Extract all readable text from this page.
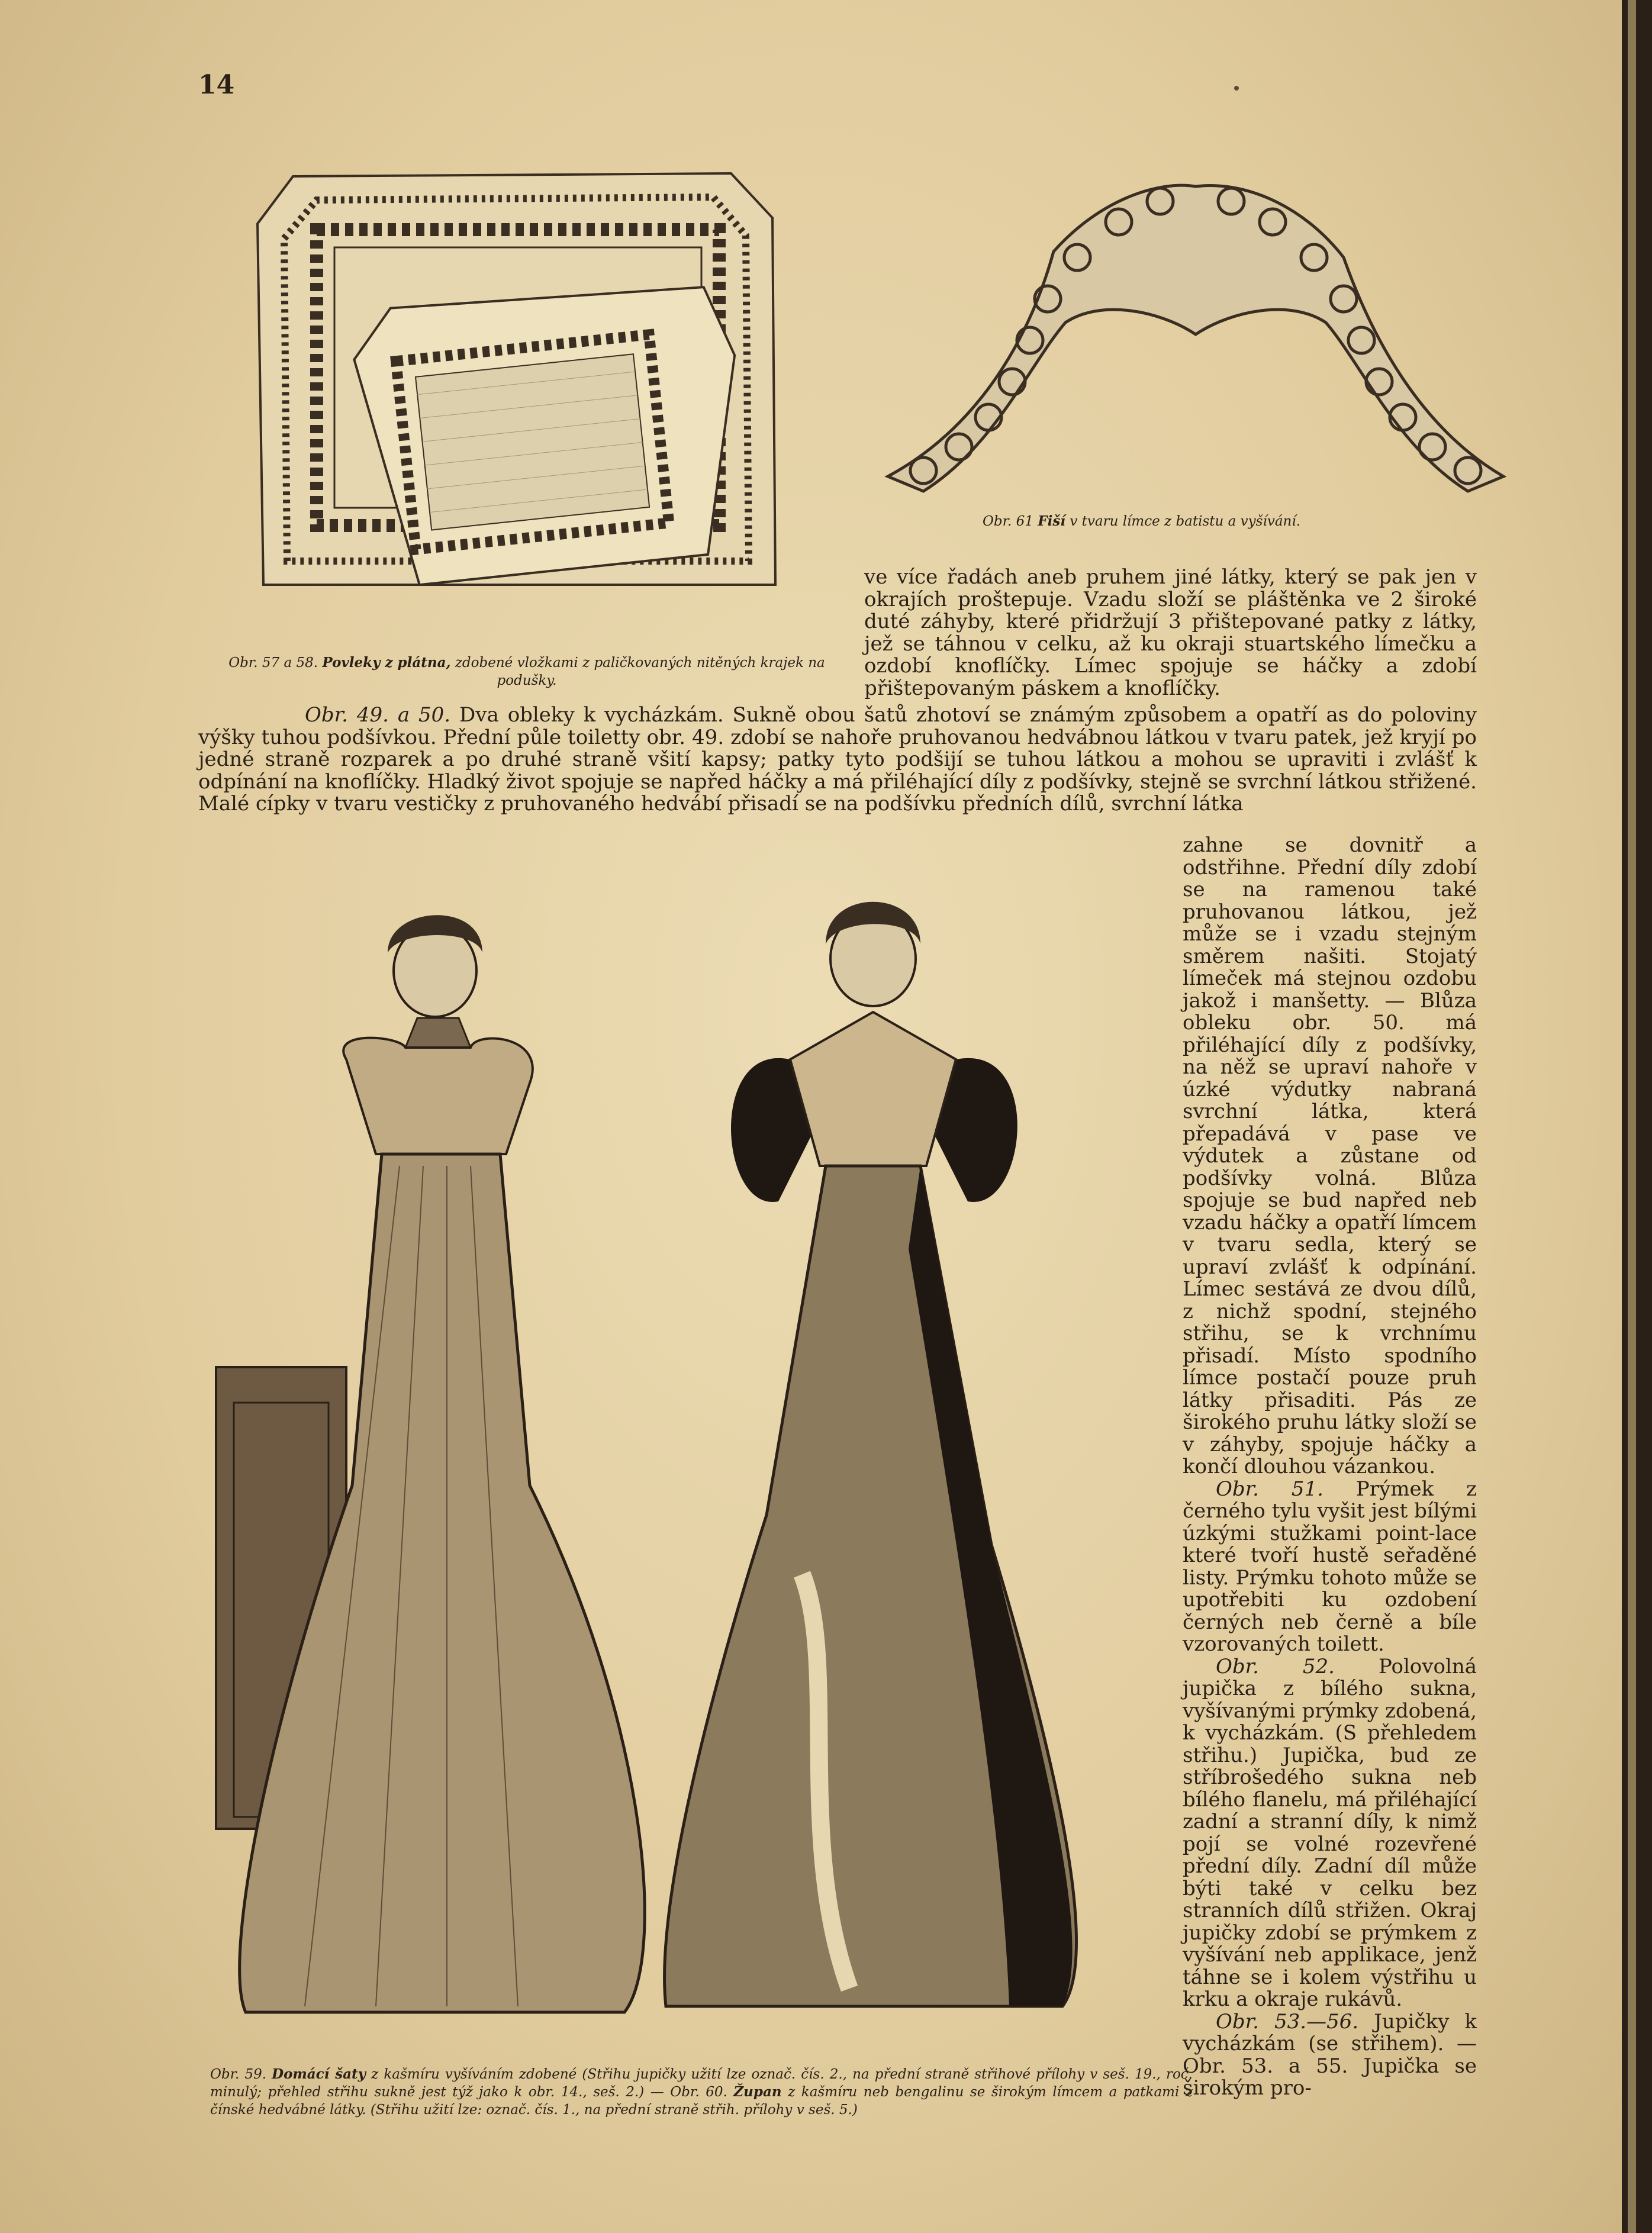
14
Obr. 57 a 58. Povleky z plátna, zdobené vložkami z paličkovaných nitěných krajek na podušky.
Obr. 61 Fiší v tvaru límce z batistu a vyšívání.
ve více řadách aneb pruhem jiné látky, který se pak jen v okrajích proštepuje. Vzadu složí se pláštěnka ve 2 široké duté záhyby, které přidržují 3 přištepované patky z látky, jež se táhnou v celku, až ku okraji stuartského límečku a ozdobí knoflíčky. Límec spojuje se háčky a zdobí přištepovaným páskem a knoflíčky.
Obr. 49. a 50. Dva obleky k vycházkám. Sukně obou šatů zhotoví se známým způsobem a opatří as do poloviny výšky tuhou podšívkou. Přední půle toiletty obr. 49. zdobí se nahoře pruhovanou hedvábnou látkou v tvaru patek, jež kryjí po jedné straně rozparek a po druhé straně všití kapsy; patky tyto podšijí se tuhou látkou a mohou se upraviti i zvlášť k odpínání na knoflíčky. Hladký život spojuje se napřed háčky a má přiléhající díly z podšívky, stejně se svrchní látkou střižené. Malé cípky v tvaru vestičky z pruhovaného hedvábí přisadí se na podšívku předních dílů, svrchní látka
Obr. 59. Domácí šaty z kašmíru vyšíváním zdobené (Střihu jupičky užití lze označ. čís. 2., na přední straně střihové přílohy v seš. 19., roč. minulý; přehled střihu sukně jest týž jako k obr. 14., seš. 2.) — Obr. 60. Župan z kašmíru neb bengalinu se širokým límcem a patkami z čínské hedvábné látky. (Střihu užití lze: označ. čís. 1., na přední straně střih. přílohy v seš. 5.)
zahne se dovnitř a odstřihne. Přední díly zdobí se na ramenou také pruhovanou látkou, jež může se i vzadu stejným směrem našiti. Stojatý límeček má stejnou ozdobu jakož i manšetty. — Blůza obleku obr. 50. má přiléhající díly z podšívky, na něž se upraví nahoře v úzké výdutky nabraná svrchní látka, která přepadává v pase ve výdutek a zůstane od podšívky volná. Blůza spojuje se bud napřed neb vzadu háčky a opatří límcem v tvaru sedla, který se upraví zvlášť k odpínání. Límec sestává ze dvou dílů, z nichž spodní, stejného střihu, se k vrchnímu přisadí. Místo spodního límce postačí pouze pruh látky přisaditi. Pás ze širokého pruhu látky složí se v záhyby, spojuje háčky a končí dlouhou vázankou.
Obr. 51. Prýmek z černého tylu vyšit jest bílými úzkými stužkami point-lace které tvoří hustě seřaděné listy. Prýmku tohoto může se upotřebiti ku ozdobení černých neb černě a bíle vzorovaných toilett.
Obr. 52. Polovolná jupička z bílého sukna, vyšívanými prýmky zdobená, k vycházkám. (S přehledem střihu.) Jupička, bud ze stříbrošedého sukna neb bílého flanelu, má přiléhající zadní a stranní díly, k nimž pojí se volné rozevřené přední díly. Zadní díl může býti také v celku bez stranních dílů střižen. Okraj jupičky zdobí se prýmkem z vyšívání neb applikace, jenž táhne se i kolem výstřihu u krku a okraje rukávů.
Obr. 53.—56. Jupičky k vycházkám (se střihem). — Obr. 53. a 55. Jupička se širokým pro-
